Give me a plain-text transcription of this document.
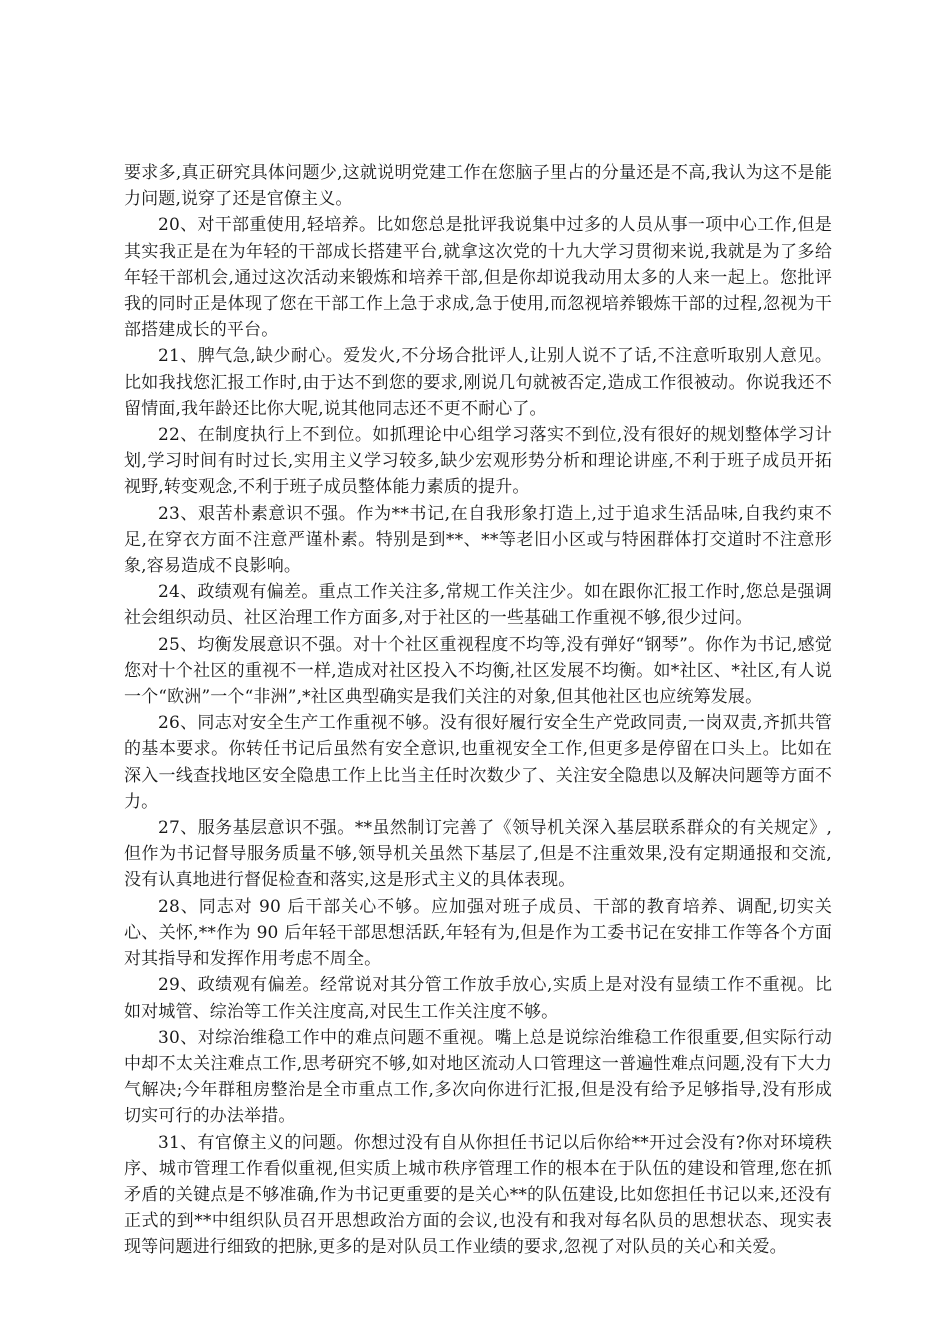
要求多,真正研究具体问题少,这就说明党建工作在您脑子里占的分量还是不高,我认为这不是能力问题,说穿了还是官僚主义。

20、对干部重使用,轻培养。比如您总是批评我说集中过多的人员从事一项中心工作,但是其实我正是在为年轻的干部成长搭建平台,就拿这次党的十九大学习贯彻来说,我就是为了多给年轻干部机会,通过这次活动来锻炼和培养干部,但是你却说我动用太多的人来一起上。您批评我的同时正是体现了您在干部工作上急于求成,急于使用,而忽视培养锻炼干部的过程,忽视为干部搭建成长的平台。

21、脾气急,缺少耐心。爱发火,不分场合批评人,让别人说不了话,不注意听取别人意见。比如我找您汇报工作时,由于达不到您的要求,刚说几句就被否定,造成工作很被动。你说我还不留情面,我年龄还比你大呢,说其他同志还不更不耐心了。

22、在制度执行上不到位。如抓理论中心组学习落实不到位,没有很好的规划整体学习计划,学习时间有时过长,实用主义学习较多,缺少宏观形势分析和理论讲座,不利于班子成员开拓视野,转变观念,不利于班子成员整体能力素质的提升。

23、艰苦朴素意识不强。作为**书记,在自我形象打造上,过于追求生活品味,自我约束不足,在穿衣方面不注意严谨朴素。特别是到**、**等老旧小区或与特困群体打交道时不注意形象,容易造成不良影响。

24、政绩观有偏差。重点工作关注多,常规工作关注少。如在跟你汇报工作时,您总是强调社会组织动员、社区治理工作方面多,对于社区的一些基础工作重视不够,很少过问。

25、均衡发展意识不强。对十个社区重视程度不均等,没有弹好“钢琴”。你作为书记,感觉您对十个社区的重视不一样,造成对社区投入不均衡,社区发展不均衡。如*社区、*社区,有人说一个“欧洲”一个“非洲”,*社区典型确实是我们关注的对象,但其他社区也应统筹发展。

26、同志对安全生产工作重视不够。没有很好履行安全生产党政同责,一岗双责,齐抓共管的基本要求。你转任书记后虽然有安全意识,也重视安全工作,但更多是停留在口头上。比如在深入一线查找地区安全隐患工作上比当主任时次数少了、关注安全隐患以及解决问题等方面不力。

27、服务基层意识不强。**虽然制订完善了《领导机关深入基层联系群众的有关规定》,但作为书记督导服务质量不够,领导机关虽然下基层了,但是不注重效果,没有定期通报和交流,没有认真地进行督促检查和落实,这是形式主义的具体表现。

28、同志对 90 后干部关心不够。应加强对班子成员、干部的教育培养、调配,切实关心、关怀,**作为 90 后年轻干部思想活跃,年轻有为,但是作为工委书记在安排工作等各个方面对其指导和发挥作用考虑不周全。

29、政绩观有偏差。经常说对其分管工作放手放心,实质上是对没有显绩工作不重视。比如对城管、综治等工作关注度高,对民生工作关注度不够。

30、对综治维稳工作中的难点问题不重视。嘴上总是说综治维稳工作很重要,但实际行动中却不太关注难点工作,思考研究不够,如对地区流动人口管理这一普遍性难点问题,没有下大力气解决;今年群租房整治是全市重点工作,多次向你进行汇报,但是没有给予足够指导,没有形成切实可行的办法举措。

31、有官僚主义的问题。你想过没有自从你担任书记以后你给**开过会没有?你对环境秩序、城市管理工作看似重视,但实质上城市秩序管理工作的根本在于队伍的建设和管理,您在抓矛盾的关键点是不够准确,作为书记更重要的是关心**的队伍建设,比如您担任书记以来,还没有正式的到**中组织队员召开思想政治方面的会议,也没有和我对每名队员的思想状态、现实表现等问题进行细致的把脉,更多的是对队员工作业绩的要求,忽视了对队员的关心和关爱。
